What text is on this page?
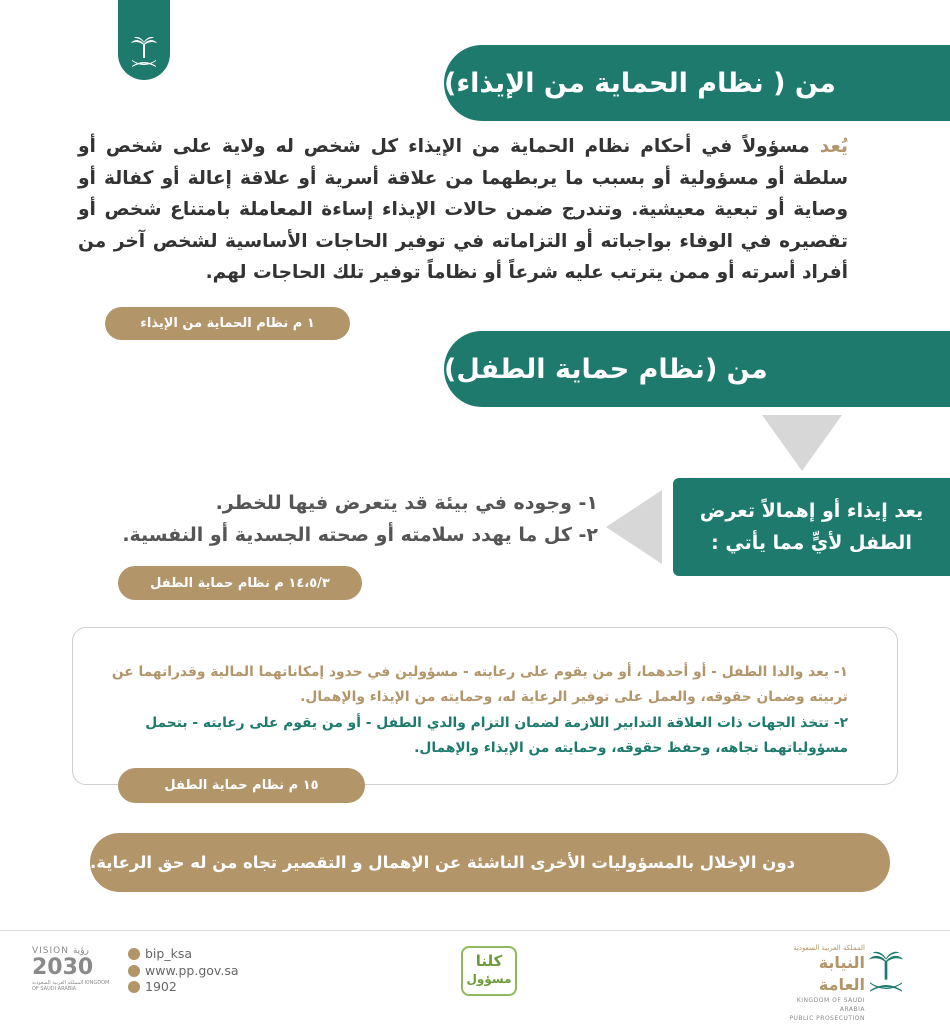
من ( نظام الحماية من الإيذاء)
يُعد مسؤولاً في أحكام نظام الحماية من الإيذاء كل شخص له ولاية على شخص أو سلطة أو مسؤولية أو بسبب ما يربطهما من علاقة أسرية أو علاقة إعالة أو كفالة أو وصاية أو تبعية معيشية. وتندرج ضمن حالات الإيذاء إساءة المعاملة بامتناع شخص أو تقصيره في الوفاء بواجباته أو التزاماته في توفير الحاجات الأساسية لشخص آخر من أفراد أسرته أو ممن يترتب عليه شرعاً أو نظاماً توفير تلك الحاجات لهم.
١ م نظام الحماية من الإيذاء
من (نظام حماية الطفل)
يعد إيذاء أو إهمالاً تعرض الطفل لأيٍّ مما يأتي :
١- وجوده في بيئة قد يتعرض فيها للخطر.
٢- كل ما يهدد سلامته أو صحته الجسدية أو النفسية.
١٤،٥/٣ م نظام حماية الطفل
١- يعد والدا الطفل - أو أحدهما، أو من يقوم على رعايته - مسؤولين في حدود إمكاناتهما المالية وقدراتهما عن تربيته وضمان حقوقه، والعمل على توفير الرعاية له، وحمايته من الإيذاء والإهمال.
٢- تتخذ الجهات ذات العلاقة التدابير اللازمة لضمان التزام والدي الطفل - أو من يقوم على رعايته - بتحمل مسؤولياتهما تجاهه، وحفظ حقوقه، وحمايته من الإيذاء والإهمال.
١٥ م نظام حماية الطفل
دون الإخلال بالمسؤوليات الأخرى الناشئة عن الإهمال و التقصير تجاه من له حق الرعاية.
VISION رؤية
2030
المملكة العربية السعودية KINGDOM OF SAUDI ARABIA
bip_ksa
www.pp.gov.sa
1902
كلنا
مسؤول
المملكة العربية السعودية
النيابة العامة
KINGDOM OF SAUDI ARABIA
PUBLIC PROSECUTION
